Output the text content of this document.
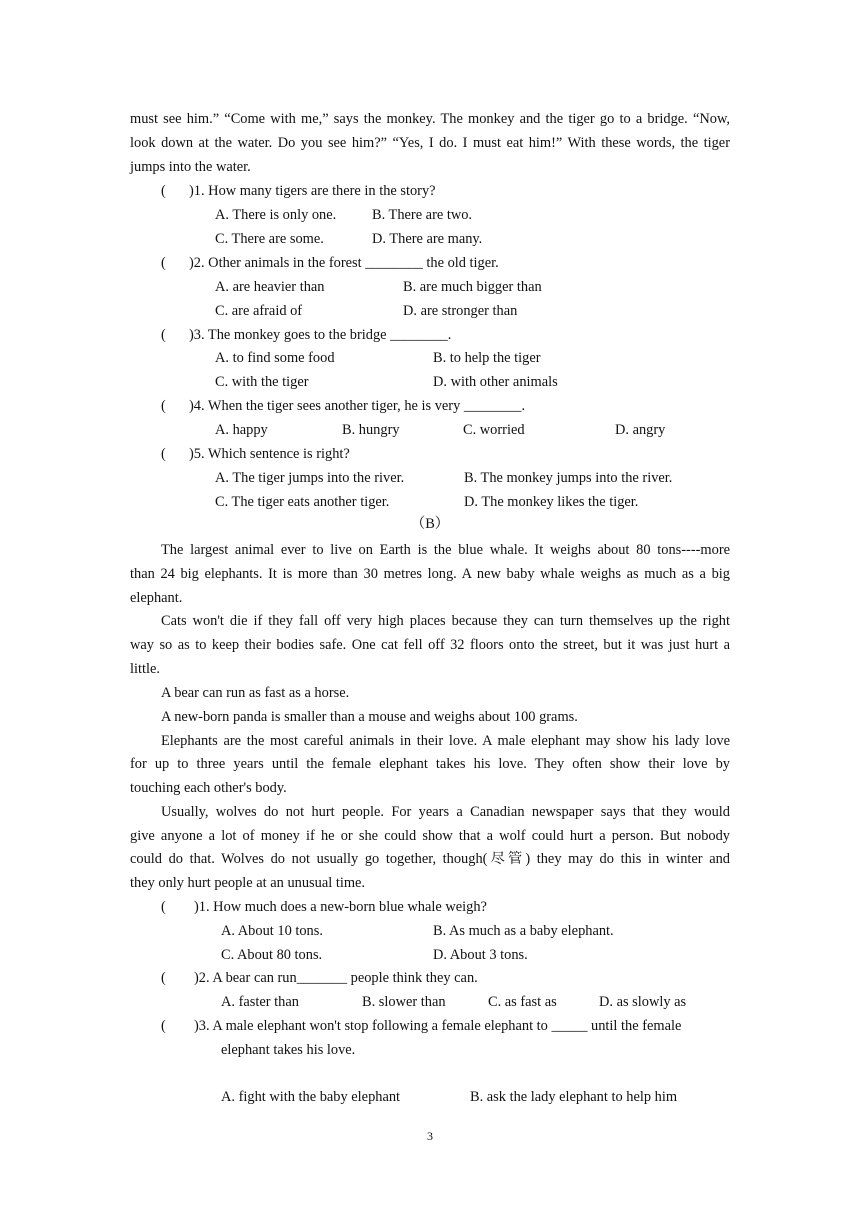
must see him.” “Come with me,” says the monkey. The monkey and the tiger go to a bridge. “Now,
look down at the water. Do you see him?” “Yes, I do. I must eat him!” With these words, the tiger
jumps into the water.
( )1. How many tigers are there in the story?
A. There is only one. B. There are two.
C. There are some.	D. There are many.
( )2. Other animals in the forest ________ the old tiger.
A. are heavier than	B. are much bigger than
C. are afraid of	D. are stronger than
( )3. The monkey goes to the bridge ________.
A. to find some food	B. to help the tiger
C. with the tiger	D. with other animals
( )4. When the tiger sees another tiger, he is very ________.
A. happy	B. hungry	C. worried	D. angry
( )5. Which sentence is right?
A. The tiger jumps into the river.	B. The monkey jumps into the river.
C. The tiger eats another tiger.	D. The monkey likes the tiger.
（B）
The largest animal ever to live on Earth is the blue whale. It weighs about 80 tons----more
than 24 big elephants. It is more than 30 metres long. A new baby whale weighs as much as a big
elephant.
Cats won't die if they fall off very high places because they can turn themselves up the right
way so as to keep their bodies safe. One cat fell off 32 floors onto the street, but it was just hurt a
little.
A bear can run as fast as a horse.
A new-born panda is smaller than a mouse and weighs about 100 grams.
Elephants are the most careful animals in their love. A male elephant may show his lady love
for up to three years until the female elephant takes his love. They often show their love by
touching each other's body.
Usually, wolves do not hurt people. For years a Canadian newspaper says that they would
give anyone a lot of money if he or she could show that a wolf could hurt a person. But nobody
could do that. Wolves do not usually go together, though(尽管) they may do this in winter and
they only hurt people at an unusual time.
( )1. How much does a new-born blue whale weigh?
A. About 10 tons.	B. As much as a baby elephant.
C. About 80 tons.	D. About 3 tons.
( )2. A bear can run_______ people think they can.
A. faster than	B. slower than	C. as fast as	D. as slowly as
( )3. A male elephant won't stop following a female elephant to _____ until the female
elephant takes his love.
A. fight with the baby elephant	B. ask the lady elephant to help him
3
